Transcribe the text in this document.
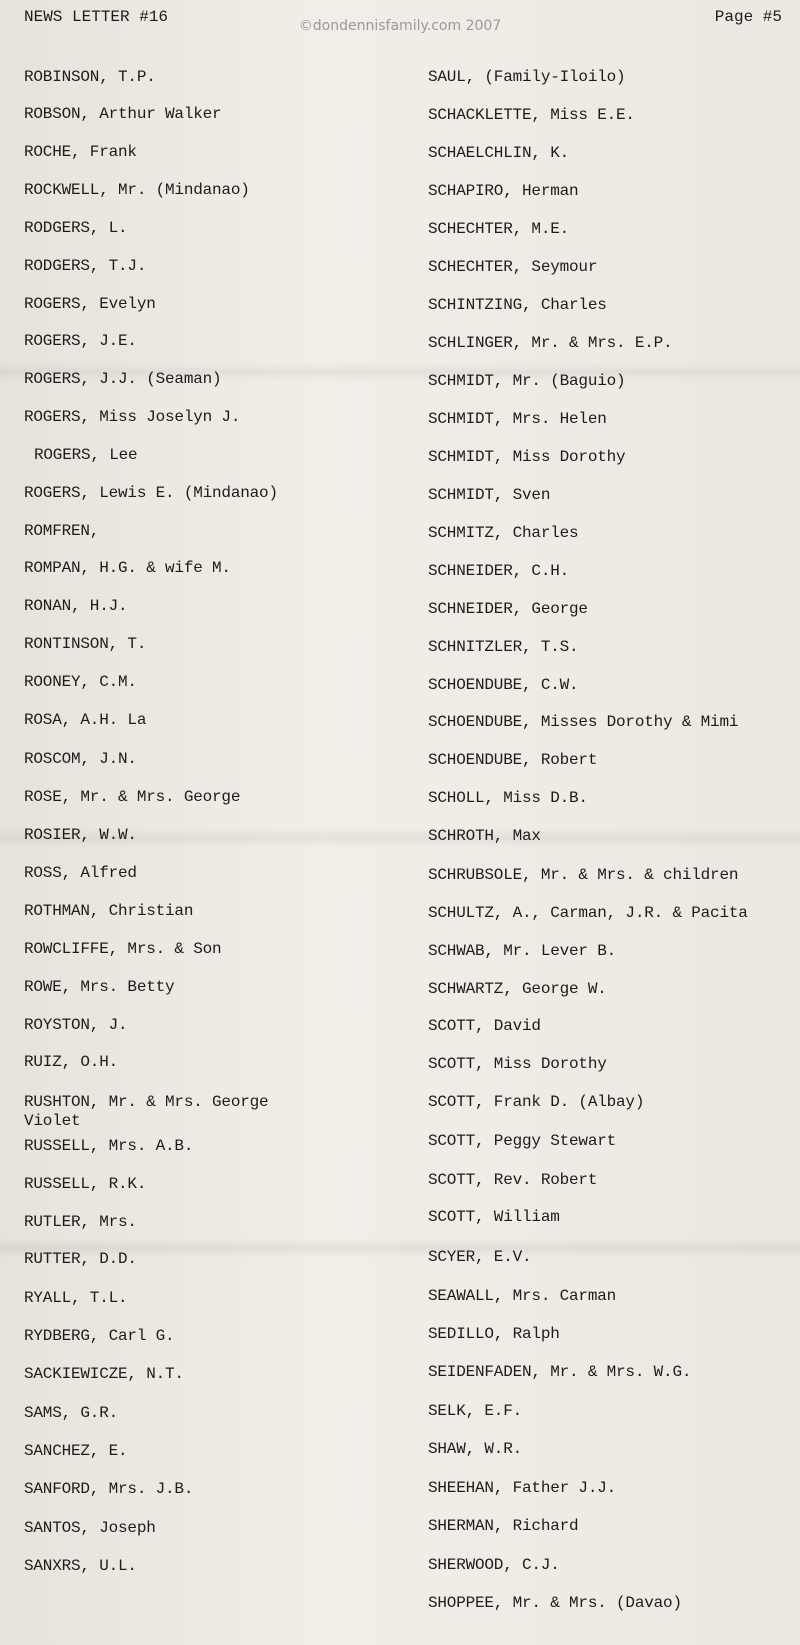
NEWS LETTER #16	©dondennisfamily.com 2007	Page #5
ROBINSON, T.P.
ROBSON, Arthur Walker
ROCHE, Frank
ROCKWELL, Mr. (Mindanao)
RODGERS, L.
RODGERS, T.J.
ROGERS, Evelyn
ROGERS, J.E.
ROGERS, J.J. (Seaman)
ROGERS, Miss Joselyn J.
ROGERS, Lee
ROGERS, Lewis E. (Mindanao)
ROMFREN,
ROMPAN, H.G. & wife M.
RONAN, H.J.
RONTINSON, T.
ROONEY, C.M.
ROSA, A.H. La
ROSCOM, J.N.
ROSE, Mr. & Mrs. George
ROSIER, W.W.
ROSS, Alfred
ROTHMAN, Christian
ROWCLIFFE, Mrs. & Son
ROWE, Mrs. Betty
ROYSTON, J.
RUIZ, O.H.
RUSHTON, Mr. & Mrs. George
Violet
RUSSELL, Mrs. A.B.
RUSSELL, R.K.
RUTLER, Mrs.
RUTTER, D.D.
RYALL, T.L.
RYDBERG, Carl G.
SACKIEWICZE, N.T.
SAMS, G.R.
SANCHEZ, E.
SANFORD, Mrs. J.B.
SANTOS, Joseph
SANXRS, U.L.
SAUL, (Family-Iloilo)
SCHACKLETTE, Miss E.E.
SCHAELCHLIN, K.
SCHAPIRO, Herman
SCHECHTER, M.E.
SCHECHTER, Seymour
SCHINTZING, Charles
SCHLINGER, Mr. & Mrs. E.P.
SCHMIDT, Mr. (Baguio)
SCHMIDT, Mrs. Helen
SCHMIDT, Miss Dorothy
SCHMIDT, Sven
SCHMITZ, Charles
SCHNEIDER, C.H.
SCHNEIDER, George
SCHNITZLER, T.S.
SCHOENDUBE, C.W.
SCHOENDUBE, Misses Dorothy & Mimi
SCHOENDUBE, Robert
SCHOLL, Miss D.B.
SCHROTH, Max
SCHRUBSOLE, Mr. & Mrs. & children
SCHULTZ, A., Carman, J.R. & Pacita
SCHWAB, Mr. Lever B.
SCHWARTZ, George W.
SCOTT, David
SCOTT, Miss Dorothy
SCOTT, Frank D. (Albay)
SCOTT, Peggy Stewart
SCOTT, Rev. Robert
SCOTT, William
SCYER, E.V.
SEAWALL, Mrs. Carman
SEDILLO, Ralph
SEIDENFADEN, Mr. & Mrs. W.G.
SELK, E.F.
SHAW, W.R.
SHEEHAN, Father J.J.
SHERMAN, Richard
SHERWOOD, C.J.
SHOPPEE, Mr. & Mrs. (Davao)
